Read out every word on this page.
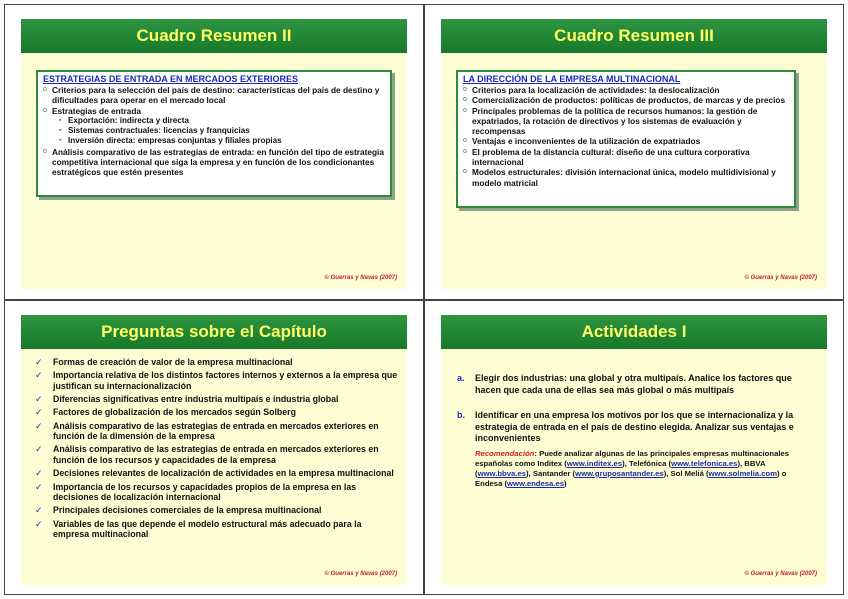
Cuadro Resumen II
ESTRATEGIAS DE ENTRADA EN MERCADOS EXTERIORES
o Criterios para la selección del país de destino: características del país de destino y dificultades para operar en el mercado local
o Estrategias de entrada
▪ Exportación: indirecta y directa
▪ Sistemas contractuales: licencias y franquicias
▪ Inversión directa: empresas conjuntas y filiales propias
o Análisis comparativo de las estrategias de entrada: en función del tipo de estrategia competitiva internacional que siga la empresa y en función de los condicionantes estratégicos que estén presentes
© Guerras y Navas (2007)
Cuadro Resumen III
LA DIRECCIÓN DE LA EMPRESA MULTINACIONAL
o Criterios para la localización de actividades: la deslocalización
o Comercialización de productos: políticas de productos, de marcas y de precios
o Principales problemas de la política de recursos humanos: la gestión de expatriados, la rotación de directivos y los sistemas de evaluación y recompensas
o Ventajas e inconvenientes de la utilización de expatriados
o El problema de la distancia cultural: diseño de una cultura corporativa internacional
o Modelos estructurales: división internacional única, modelo multidivisional y modelo matricial
© Guerras y Navas (2007)
Preguntas sobre el Capítulo
✓ Formas de creación de valor de la empresa multinacional
✓ Importancia relativa de los distintos factores internos y externos a la empresa que justifican su internacionalización
✓ Diferencias significativas entre industria multipaís e industria global
✓ Factores de globalización de los mercados según Solberg
✓ Análisis comparativo de las estrategias de entrada en mercados exteriores en función de la dimensión de la empresa
✓ Análisis comparativo de las estrategias de entrada en mercados exteriores en función de los recursos y capacidades de la empresa
✓ Decisiones relevantes de localización de actividades en la empresa multinacional
✓ Importancia de los recursos y capacidades propios de la empresa en las decisiones de localización internacional
✓ Principales decisiones comerciales de la empresa multinacional
✓ Variables de las que depende el modelo estructural más adecuado para la empresa multinacional
© Guerras y Navas (2007)
Actividades I
a. Elegir dos industrias: una global y otra multipaís. Analice los factores que hacen que cada una de ellas sea más global o más multipaís
b. Identificar en una empresa los motivos por los que se internacionaliza y la estrategia de entrada en el país de destino elegida. Analizar sus ventajas e inconvenientes
Recomendación: Puede analizar algunas de las principales empresas multinacionales españolas como Inditex (www.inditex.es), Telefónica (www.telefonica.es), BBVA (www.bbva.es), Santander (www.gruposantander.es), Sol Meliá (www.solmelia.com) o Endesa (www.endesa.es)
© Guerras y Navas (2007)
